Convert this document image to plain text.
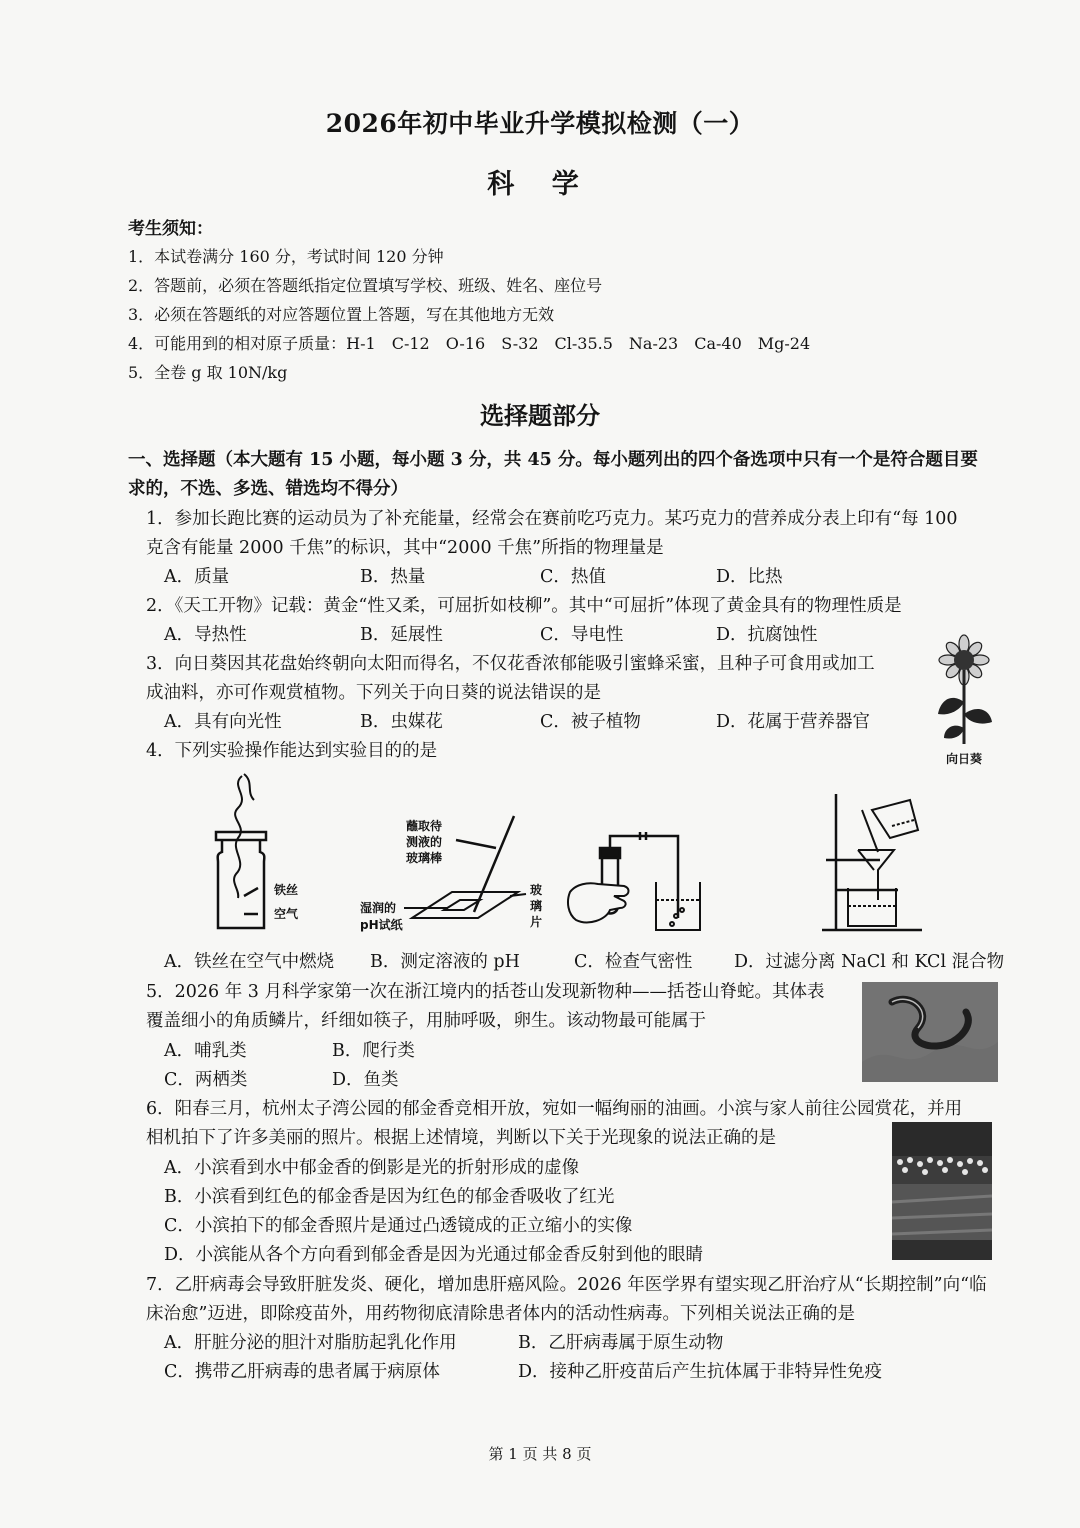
2026年初中毕业升学模拟检测（一）
科 学
考生须知：
1．本试卷满分 160 分，考试时间 120 分钟
2．答题前，必须在答题纸指定位置填写学校、班级、姓名、座位号
3．必须在答题纸的对应答题位置上答题，写在其他地方无效
4．可能用到的相对原子质量：H-1　C-12　O-16　S-32　Cl-35.5　Na-23　Ca-40　Mg-24
5．全卷 g 取 10N/kg
选择题部分
一、选择题（本大题有 15 小题，每小题 3 分，共 45 分。每小题列出的四个备选项中只有一个是符合题目要
求的，不选、多选、错选均不得分）
1．参加长跑比赛的运动员为了补充能量，经常会在赛前吃巧克力。某巧克力的营养成分表上印有“每 100
克含有能量 2000 千焦”的标识，其中“2000 千焦”所指的物理量是
A．质量	B．热量	C．热值	D．比热
2．《天工开物》记载：黄金“性又柔，可屈折如枝柳”。其中“可屈折”体现了黄金具有的物理性质是
A．导热性	B．延展性	C．导电性	D．抗腐蚀性
3．向日葵因其花盘始终朝向太阳而得名，不仅花香浓郁能吸引蜜蜂采蜜，且种子可食用或加工
成油料，亦可作观赏植物。下列关于向日葵的说法错误的是
A．具有向光性	B．虫媒花	C．被子植物	D．花属于营养器官
向日葵
4．下列实验操作能达到实验目的的是
铁丝
空气
蘸取待
测液的
玻璃棒
湿润的
pH试纸
玻
璃
片
A．铁丝在空气中燃烧 B．测定溶液的 pH	C．检查气密性 D．过滤分离 NaCl 和 KCl 混合物
5．2026 年 3 月科学家第一次在浙江境内的括苍山发现新物种——括苍山脊蛇。其体表
覆盖细小的角质鳞片，纤细如筷子，用肺呼吸，卵生。该动物最可能属于
A．哺乳类	B．爬行类
C．两栖类	D．鱼类
6．阳春三月，杭州太子湾公园的郁金香竞相开放，宛如一幅绚丽的油画。小滨与家人前往公园赏花，并用
相机拍下了许多美丽的照片。根据上述情境，判断以下关于光现象的说法正确的是
A．小滨看到水中郁金香的倒影是光的折射形成的虚像
B．小滨看到红色的郁金香是因为红色的郁金香吸收了红光
C．小滨拍下的郁金香照片是通过凸透镜成的正立缩小的实像
D．小滨能从各个方向看到郁金香是因为光通过郁金香反射到他的眼睛
7．乙肝病毒会导致肝脏发炎、硬化，增加患肝癌风险。2026 年医学界有望实现乙肝治疗从“长期控制”向“临
床治愈”迈进，即除疫苗外，用药物彻底清除患者体内的活动性病毒。下列相关说法正确的是
A．肝脏分泌的胆汁对脂肪起乳化作用	B．乙肝病毒属于原生动物
C．携带乙肝病毒的患者属于病原体	D．接种乙肝疫苗后产生抗体属于非特异性免疫
第 1 页 共 8 页
